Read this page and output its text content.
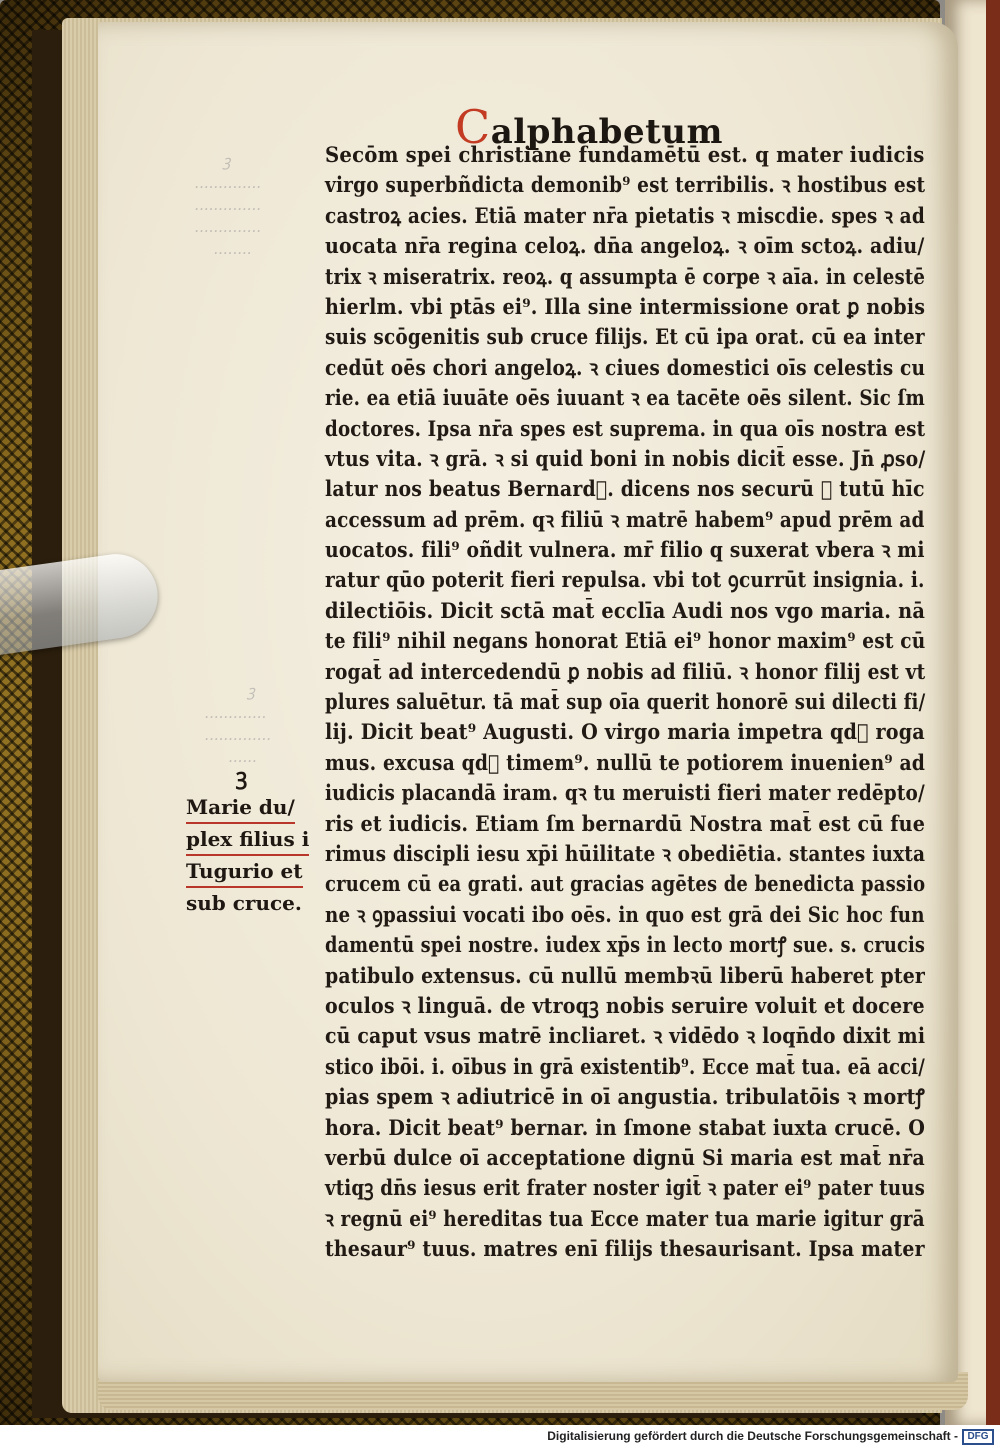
ꝫ
..............
..............
..............
........
ꝫ
.............
..............
......
Calphabetum
Secōm spei christiane fundamētū est. q mater iudicis
virgo superbñdicta demonib⁹ est terribilis. ꝛ hostibus est
castroꝝ acies. Etiā mater nr̄a pietatis ꝛ miscdie. spes ꝛ ad
uocata nr̄a regina celoꝝ. dn̄a angeloꝝ. ꝛ oīm sctoꝝ. adiu/
trix ꝛ miseratrix. reoꝝ. q assumpta ē corpe ꝛ aīa. in celestē
hierlm. vbi ptās ei⁹. Illa sine intermissione orat ꝑ nobis
suis scōgenitis sub cruce filijs. Et cū ipa orat. cū ea inter
cedūt oēs chori angeloꝝ. ꝛ ciues domestici oīs celestis cu
rie. ea etiā iuuāte oēs iuuant ꝛ ea tacēte oēs silent. Sic ſm
doctores. Ipsa nr̄a spes est suprema. in qua oīs nostra est
vtus vita. ꝛ grā. ꝛ si quid boni in nobis dicit̄ esse. Jn̄ ꝓso/
latur nos beatus Bernard᷒. dicens nos securū ꝛ tutū hīc
accessum ad prēm. qꝛ filiū ꝛ matrē habem⁹ apud prēm ad
uocatos. fili⁹ oñdit vulnera. mr̄ filio q suxerat vbera ꝛ mi
ratur qūo poterit fieri repulsa. vbi tot ꝯcurrūt insignia. i.
dilectiōis. Dicit sctā mat̄ ecclīa Audi nos vgo maria. nā
te fili⁹ nihil negans honorat Etiā ei⁹ honor maxim⁹ est cū
rogat̄ ad intercedendū ꝑ nobis ad filiū. ꝛ honor filij est vt
plures saluētur. tā mat̄ sup oīa querit honorē sui dilecti fi/
lij. Dicit beat⁹ Augusti. O virgo maria impetra qd᷒ roga
mus. excusa qd᷒ timem⁹. nullū te potiorem inuenien⁹ ad
iudicis placandā iram. qꝛ tu meruisti fieri mater redēpto/
ris et iudicis. Etiam ſm bernardū Nostra mat̄ est cū fue
rimus discipli iesu xp̄i hūilitate ꝛ obediētia. stantes iuxta
crucem cū ea grati. aut gracias agētes de benedicta passio
ne ꝛ ꝯpassiui vocati ibo oēs. in quo est grā dei Sic hoc fun
damentū spei nostre. iudex xp̄s in lecto mortꝭ sue. s. crucis
patibulo extensus. cū nullū membꝛū liberū haberet pter
oculos ꝛ linguā. de vtroqꝫ nobis seruire voluit et docere
cū caput vsus matrē incliaret. ꝛ vidēdo ꝛ loqn̄do dixit mi
stico ibōi. i. oībus in grā existentib⁹. Ecce mat̄ tua. eā acci/
pias spem ꝛ adiutricē in oī angustia. tribulatōis ꝛ mortꝭ
hora. Dicit beat⁹ bernar. in ſmone stabat iuxta crucē. O
verbū dulce oī acceptatione dignū Si maria est mat̄ nr̄a
vtiqꝫ dn̄s iesus erit frater noster igit̄ ꝛ pater ei⁹ pater tuus
ꝛ regnū ei⁹ hereditas tua Ecce mater tua marie igitur grā
thesaur⁹ tuus. matres enī filijs thesaurisant. Ipsa mater
ꝫ
Marie du/
plex filius i
Tugurio et
sub cruce.
Digitalisierung gefördert durch die Deutsche Forschungsgemeinschaft - DFG
